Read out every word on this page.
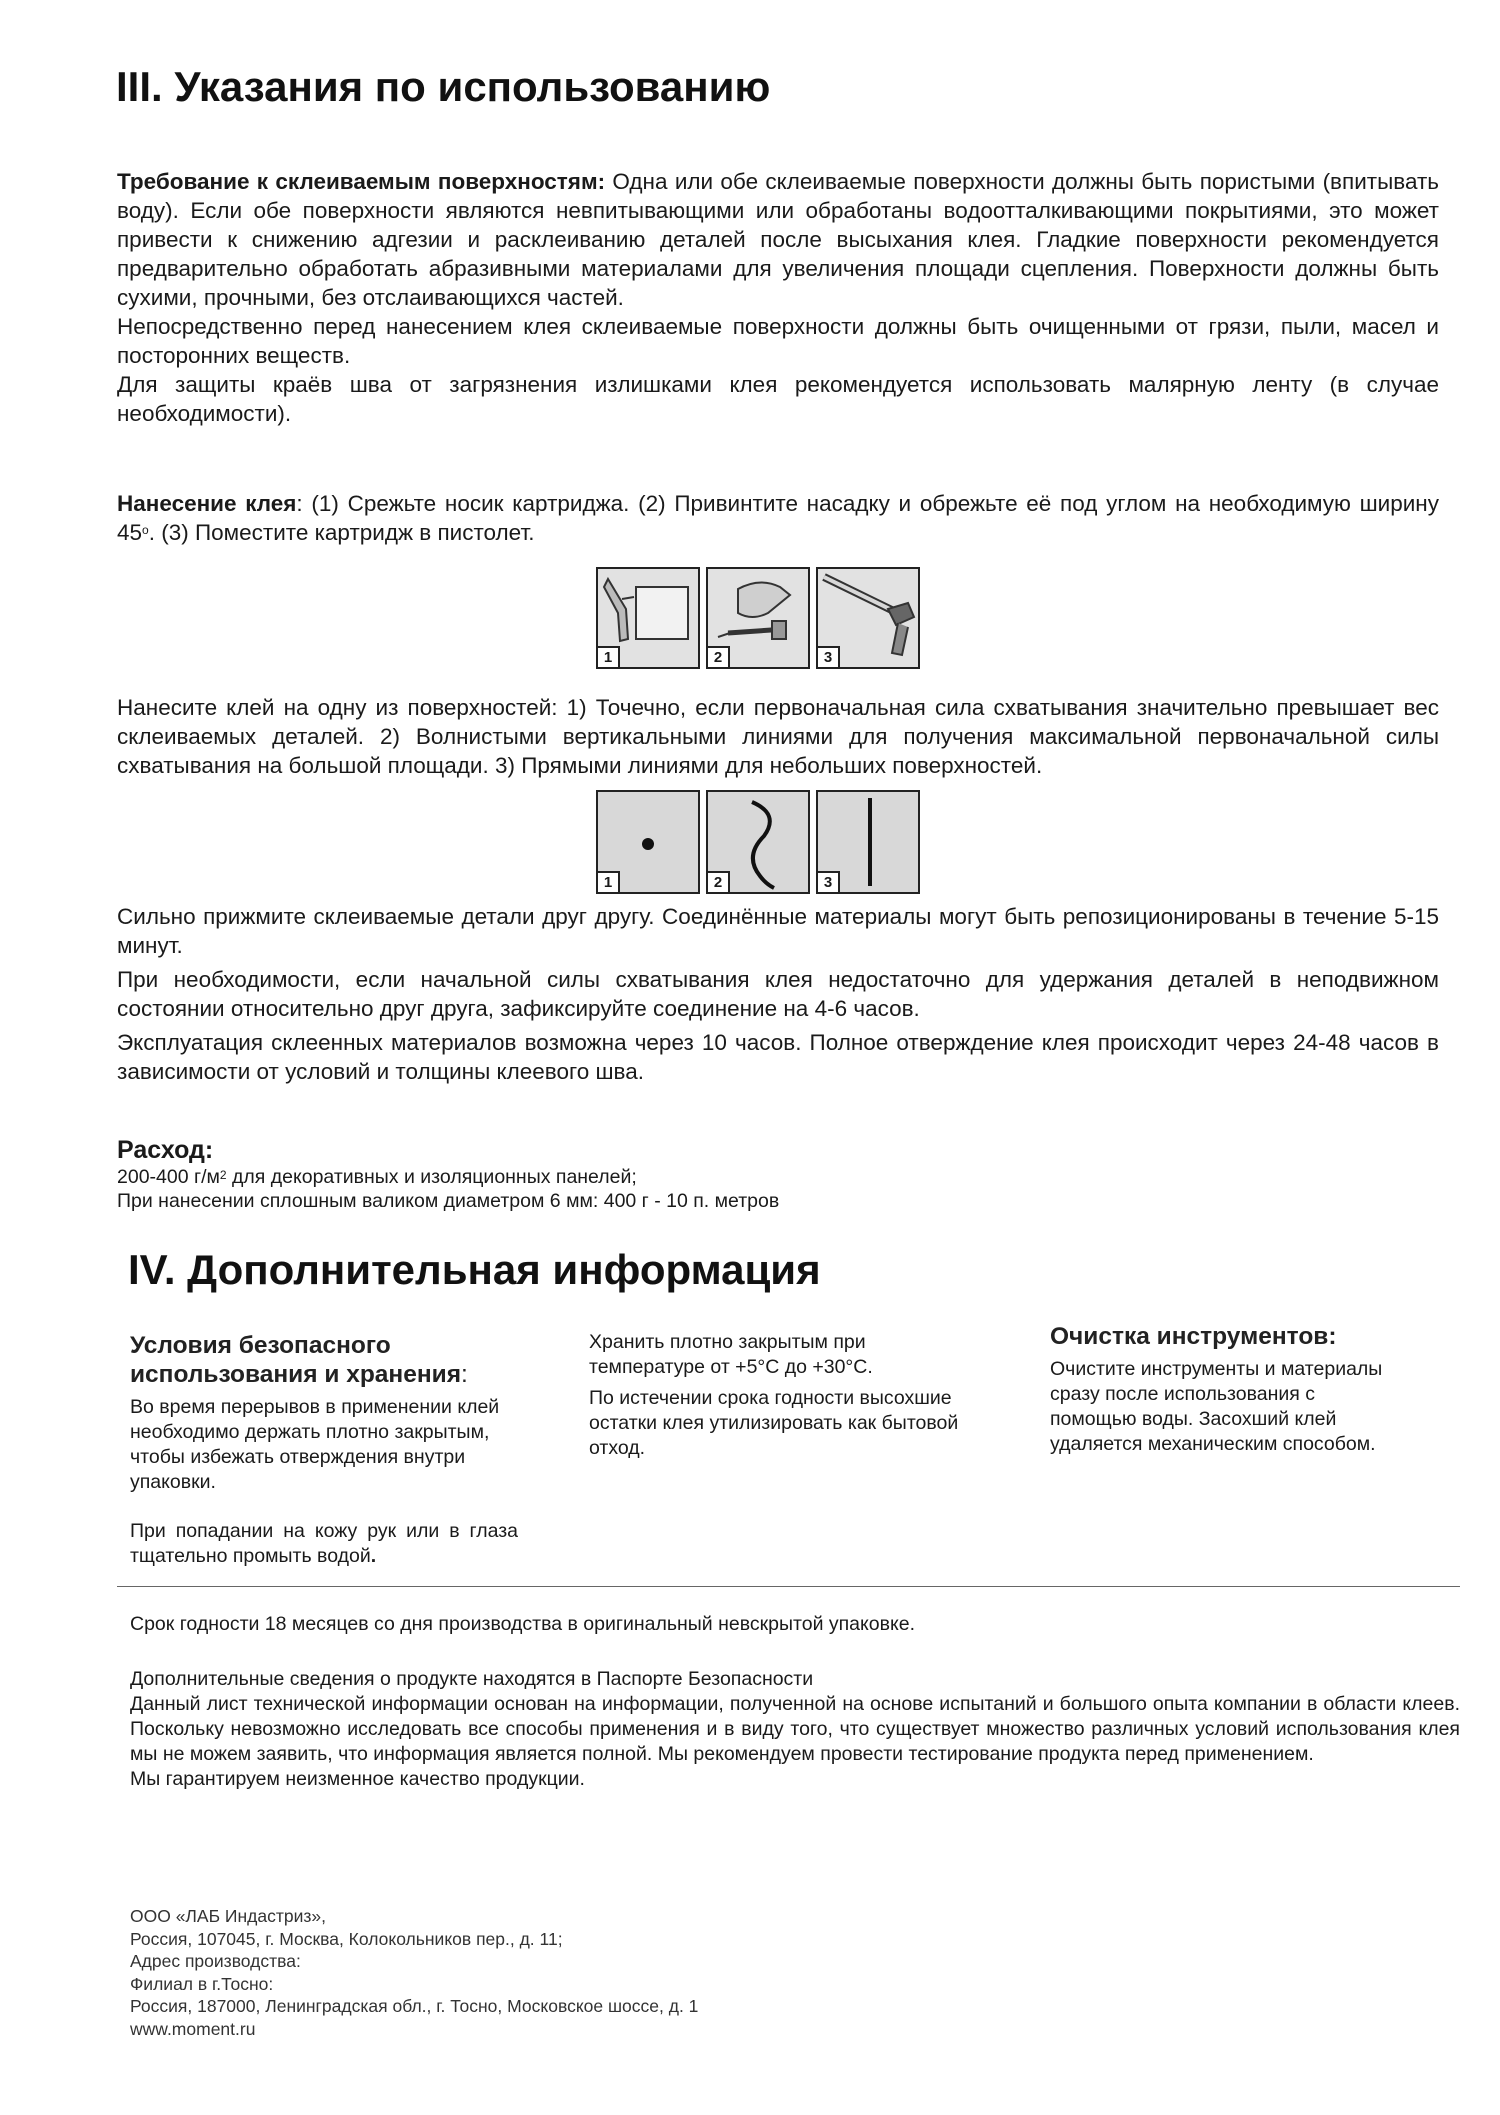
III. Указания по использованию

Требование к склеиваемым поверхностям: Одна или обе склеиваемые поверхности должны быть пористыми (впитывать воду). Если обе поверхности являются невпитывающими или обработаны водоотталкивающими покрытиями, это может привести к снижению адгезии и расклеиванию деталей после высыхания клея. Гладкие поверхности рекомендуется предварительно обработать абразивными материалами для увеличения площади сцепления. Поверхности должны быть сухими, прочными, без отслаивающихся частей.

Непосредственно перед нанесением клея склеиваемые поверхности должны быть очищенными от грязи, пыли, масел и посторонних веществ.

Для защиты краёв шва от загрязнения излишками клея рекомендуется использовать малярную ленту (в случае необходимости).

Нанесение клея: (1) Срежьте носик картриджа. (2) Привинтите насадку и обрежьте её под углом на необходимую ширину $45^о$. (3) Поместите картридж в пистолет.

1	2	3

Нанесите клей на одну из поверхностей: 1) Точечно, если первоначальная сила схватывания значительно превышает вес склеиваемых деталей. 2) Волнистыми вертикальными линиями для получения максимальной первоначальной силы схватывания на большой площади. 3) Прямыми линиями для небольших поверхностей.

1	2	3

Сильно прижмите склеиваемые детали друг другу. Соединённые материалы могут быть репозиционированы в течение 5-15 минут.

При необходимости, если начальной силы схватывания клея недостаточно для удержания деталей в неподвижном состоянии относительно друг друга, зафиксируйте соединение на 4-6 часов.

Эксплуатация склеенных материалов возможна через 10 часов. Полное отверждение клея происходит через 24-48 часов в зависимости от условий и толщины клеевого шва.

Расход:

200-400 $г/м^2$ для декоративных и изоляционных панелей;

При нанесении сплошным валиком диаметром 6 мм: 400 г - 10 п. метров

IV. Дополнительная информация
Условия безопасного использования и хранения:

Во время перерывов в применении клей необходимо держать плотно закрытым, чтобы избежать отверждения внутри упаковки.

При попадании на кожу рук или в глаза тщательно промыть водой.

Хранить плотно закрытым при температуре от +5°С до +30°С.

По истечении срока годности высохшие остатки клея утилизировать как бытовой отход.

Очистка инструментов:

Очистите инструменты и материалы сразу после использования с помощью воды. Засохший клей удаляется механическим способом.

Срок годности 18 месяцев со дня производства в оригинальный невскрытой упаковке.

Дополнительные сведения о продукте находятся в Паспорте Безопасности

Данный лист технической информации основан на информации, полученной на основе испытаний и большого опыта компании в области клеев. Поскольку невозможно исследовать все способы применения и в виду того, что существует множество различных условий использования клея мы не можем заявить, что информация является полной. Мы рекомендуем провести тестирование продукта перед применением.

Мы гарантируем неизменное качество продукции.

ООО «ЛАБ Индастриз»,

Россия, 107045, г. Москва, Колокольников пер., д. 11;

Адрес производства:

Филиал в г.Тосно:

Россия, 187000, Ленинградская обл., г. Тосно, Московское шоссе, д. 1

www.moment.ru
